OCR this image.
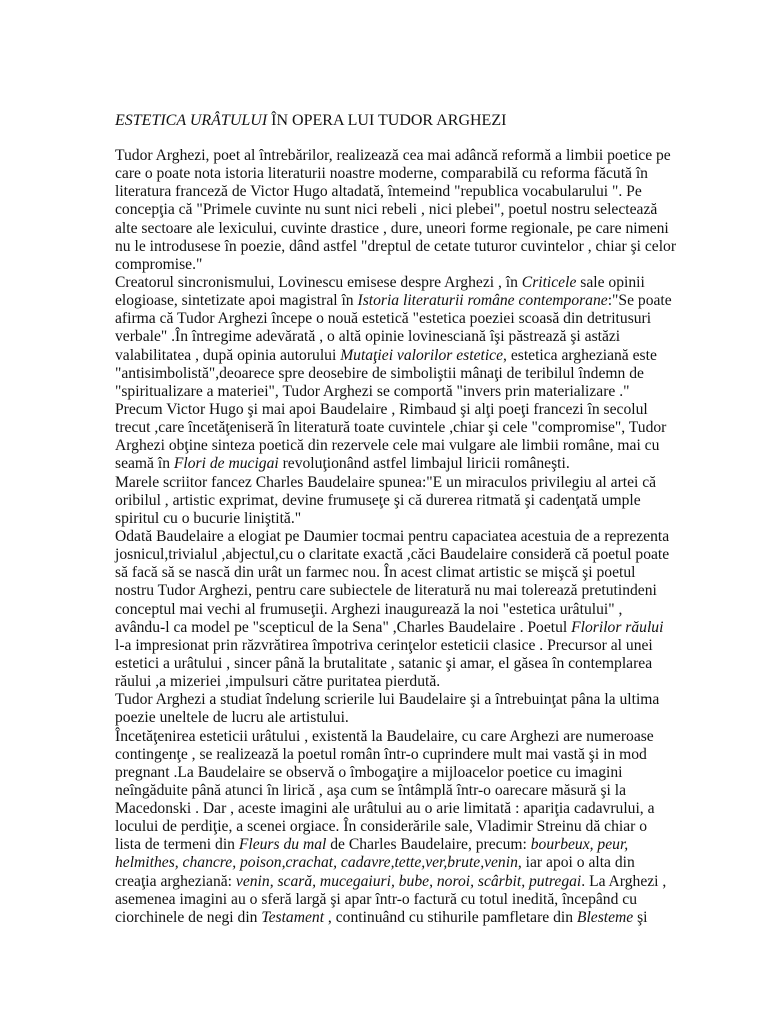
ESTETICA URÂTULUI ÎN OPERA LUI TUDOR ARGHEZI
Tudor Arghezi, poet al întrebărilor, realizează cea mai adâncă reformă a limbii poetice pe
care o poate nota istoria literaturii noastre moderne, comparabilă cu reforma făcută în
literatura franceză de Victor Hugo altadată, întemeind "republica vocabularului ". Pe
concepţia că "Primele cuvinte nu sunt nici rebeli , nici plebei", poetul nostru selectează
alte sectoare ale lexicului, cuvinte drastice , dure, uneori forme regionale, pe care nimeni
nu le introdusese în poezie, dând astfel "dreptul de cetate tuturor cuvintelor , chiar şi celor
compromise."
Creatorul sincronismului, Lovinescu emisese despre Arghezi , în Criticele sale opinii
elogioase, sintetizate apoi magistral în Istoria literaturii române contemporane:"Se poate
afirma că Tudor Arghezi începe o nouă estetică "estetica poeziei scoasă din detritusuri
verbale" .În întregime adevărată , o altă opinie lovinesciană îşi păstrează şi astăzi
valabilitatea , după opinia autorului Mutaţiei valorilor estetice, estetica argheziană este
"antisimbolistă",deoarece spre deosebire de simboliştii mânaţi de teribilul îndemn de
"spiritualizare a materiei", Tudor Arghezi se comportă "invers prin materializare ."
Precum Victor Hugo şi mai apoi Baudelaire , Rimbaud şi alţi poeţi francezi în secolul
trecut ,care încetăţeniseră în literatură toate cuvintele ,chiar şi cele "compromise", Tudor
Arghezi obţine sinteza poetică din rezervele cele mai vulgare ale limbii române, mai cu
seamă în Flori de mucigai revoluţionând astfel limbajul liricii româneşti.
Marele scriitor fancez Charles Baudelaire spunea:"E un miraculos privilegiu al artei că
oribilul , artistic exprimat, devine frumuseţe şi că durerea ritmată şi cadenţată umple
spiritul cu o bucurie liniştită."
Odată Baudelaire a elogiat pe Daumier tocmai pentru capaciatea acestuia de a reprezenta
josnicul,trivialul ,abjectul,cu o claritate exactă ,căci Baudelaire consideră că poetul poate
să facă să se nască din urât un farmec nou. În acest climat artistic se mişcă şi poetul
nostru Tudor Arghezi, pentru care subiectele de literatură nu mai tolerează pretutindeni
conceptul mai vechi al frumuseţii. Arghezi inaugurează la noi "estetica urâtului" ,
avându-l ca model pe "scepticul de la Sena" ,Charles Baudelaire . Poetul Florilor răului
l-a impresionat prin răzvrătirea împotriva cerinţelor esteticii clasice . Precursor al unei
estetici a urâtului , sincer până la brutalitate , satanic şi amar, el găsea în contemplarea
răului ,a mizeriei ,impulsuri către puritatea pierdută.
Tudor Arghezi a studiat îndelung scrierile lui Baudelaire şi a întrebuinţat pâna la ultima
poezie uneltele de lucru ale artistului.
Încetăţenirea esteticii urâtului , existentă la Baudelaire, cu care Arghezi are numeroase
contingenţe , se realizează la poetul român într-o cuprindere mult mai vastă şi in mod
pregnant .La Baudelaire se observă o îmbogaţire a mijloacelor poetice cu imagini
neîngăduite până atunci în lirică , aşa cum se întâmplă într-o oarecare măsură şi la
Macedonski . Dar , aceste imagini ale urâtului au o arie limitată : apariţia cadavrului, a
locului de perdiţie, a scenei orgiace. În considerările sale, Vladimir Streinu dă chiar o
lista de termeni din Fleurs du mal de Charles Baudelaire, precum: bourbeux, peur,
helmithes, chancre, poison,crachat, cadavre,tette,ver,brute,venin, iar apoi o alta din
creaţia argheziană: venin, scară, mucegaiuri, bube, noroi, scârbit, putregai. La Arghezi ,
asemenea imagini au o sferă largă şi apar într-o factură cu totul inedită, începând cu
ciorchinele de negi din Testament , continuând cu stihurile pamfletare din Blesteme şi
